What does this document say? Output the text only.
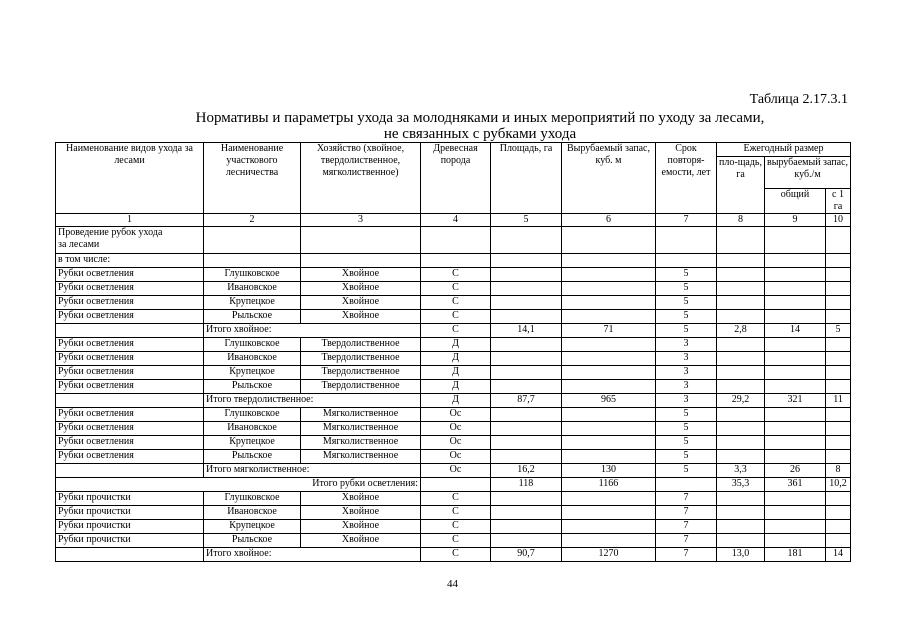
Таблица 2.17.3.1
Нормативы и параметры ухода за молодняками и иных мероприятий по уходу за лесами,
не связанных с рубками ухода
Наименование видов ухода за лесами	Наименование участкового лесничества	Хозяйство (хвойное, твердолиственное, мягколиственное)	Древесная порода	Площадь, га	Вырубаемый запас, куб. м	Срок повторя-емости, лет	Ежегодный размер		
							пло-щадь, га	вырубаемый запас, куб./м	
								общий	с 1 га
1	2	3	4	5	6	7	8	9	10

Проведение рубок ухода
за лесами									

в том числе:									
Рубки осветления	Глушковское	Хвойное	С			5			
Рубки осветления	Ивановское	Хвойное	С			5			
Рубки осветления	Крупецкое	Хвойное	С			5			
Рубки осветления	Рыльское	Хвойное	С			5			
	Итого хвойное:		С	14,1	71	5	2,8	14	5
Рубки осветления	Глушковское	Твердолиственное	Д			3			
Рубки осветления	Ивановское	Твердолиственное	Д			3			
Рубки осветления	Крупецкое	Твердолиственное	Д			3			
Рубки осветления	Рыльское	Твердолиственное	Д			3			
	Итого твердолиственное:		Д	87,7	965	3	29,2	321	11
Рубки осветления	Глушковское	Мягколиственное	Ос			5			
Рубки осветления	Ивановское	Мягколиственное	Ос			5			
Рубки осветления	Крупецкое	Мягколиственное	Ос			5			
Рубки осветления	Рыльское	Мягколиственное	Ос			5			
	Итого мягколиственное:		Ос	16,2	130	5	3,3	26	8
Итого рубки осветления:				118	1166		35,3	361	10,2
Рубки прочистки	Глушковское	Хвойное	С			7			
Рубки прочистки	Ивановское	Хвойное	С			7			
Рубки прочистки	Крупецкое	Хвойное	С			7			
Рубки прочистки	Рыльское	Хвойное	С			7			
	Итого хвойное:		С	90,7	1270	7	13,0	181	14
44
